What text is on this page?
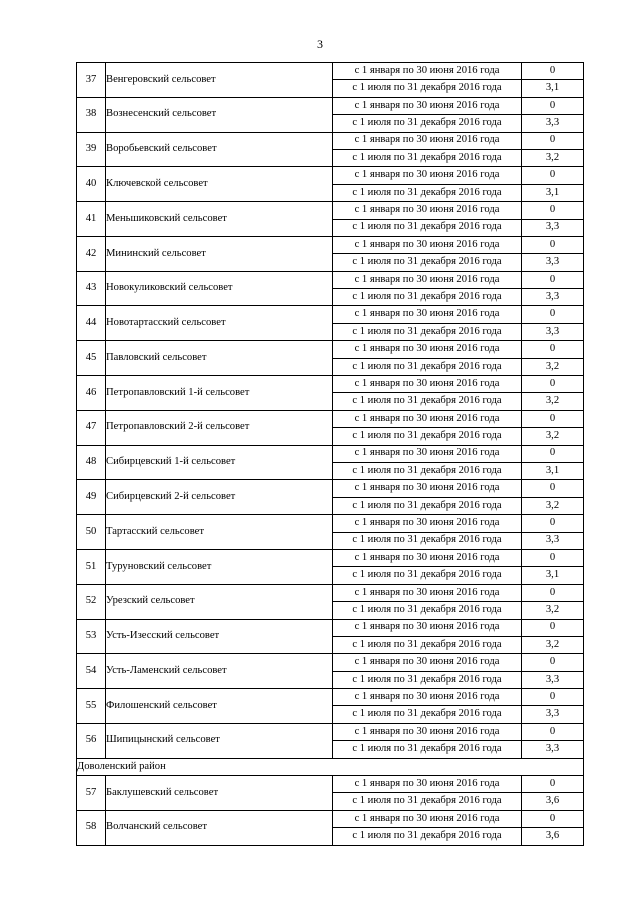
3
37	Венгеровский сельсовет	с 1 января по 30 июня 2016 года	0
		с 1 июля по 31 декабря 2016 года	3,1
38	Вознесенский сельсовет	с 1 января по 30 июня 2016 года	0
		с 1 июля по 31 декабря 2016 года	3,3
39	Воробьевский сельсовет	с 1 января по 30 июня 2016 года	0
		с 1 июля по 31 декабря 2016 года	3,2
40	Ключевской сельсовет	с 1 января по 30 июня 2016 года	0
		с 1 июля по 31 декабря 2016 года	3,1
41	Меньшиковский сельсовет	с 1 января по 30 июня 2016 года	0
		с 1 июля по 31 декабря 2016 года	3,3
42	Мининский сельсовет	с 1 января по 30 июня 2016 года	0
		с 1 июля по 31 декабря 2016 года	3,3
43	Новокуликовский сельсовет	с 1 января по 30 июня 2016 года	0
		с 1 июля по 31 декабря 2016 года	3,3
44	Новотартасский сельсовет	с 1 января по 30 июня 2016 года	0
		с 1 июля по 31 декабря 2016 года	3,3
45	Павловский сельсовет	с 1 января по 30 июня 2016 года	0
		с 1 июля по 31 декабря 2016 года	3,2
46	Петропавловский 1-й сельсовет	с 1 января по 30 июня 2016 года	0
		с 1 июля по 31 декабря 2016 года	3,2
47	Петропавловский 2-й сельсовет	с 1 января по 30 июня 2016 года	0
		с 1 июля по 31 декабря 2016 года	3,2
48	Сибирцевский 1-й сельсовет	с 1 января по 30 июня 2016 года	0
		с 1 июля по 31 декабря 2016 года	3,1
49	Сибирцевский 2-й сельсовет	с 1 января по 30 июня 2016 года	0
		с 1 июля по 31 декабря 2016 года	3,2
50	Тартасский сельсовет	с 1 января по 30 июня 2016 года	0
		с 1 июля по 31 декабря 2016 года	3,3
51	Туруновский сельсовет	с 1 января по 30 июня 2016 года	0
		с 1 июля по 31 декабря 2016 года	3,1
52	Урезский сельсовет	с 1 января по 30 июня 2016 года	0
		с 1 июля по 31 декабря 2016 года	3,2
53	Усть-Изесский сельсовет	с 1 января по 30 июня 2016 года	0
		с 1 июля по 31 декабря 2016 года	3,2
54	Усть-Ламенский сельсовет	с 1 января по 30 июня 2016 года	0
		с 1 июля по 31 декабря 2016 года	3,3
55	Филошенский сельсовет	с 1 января по 30 июня 2016 года	0
		с 1 июля по 31 декабря 2016 года	3,3
56	Шипицынский сельсовет	с 1 января по 30 июня 2016 года	0
		с 1 июля по 31 декабря 2016 года	3,3
Доволенский район			
57	Баклушевский сельсовет	с 1 января по 30 июня 2016 года	0
		с 1 июля по 31 декабря 2016 года	3,6
58	Волчанский сельсовет	с 1 января по 30 июня 2016 года	0
		с 1 июля по 31 декабря 2016 года	3,6
